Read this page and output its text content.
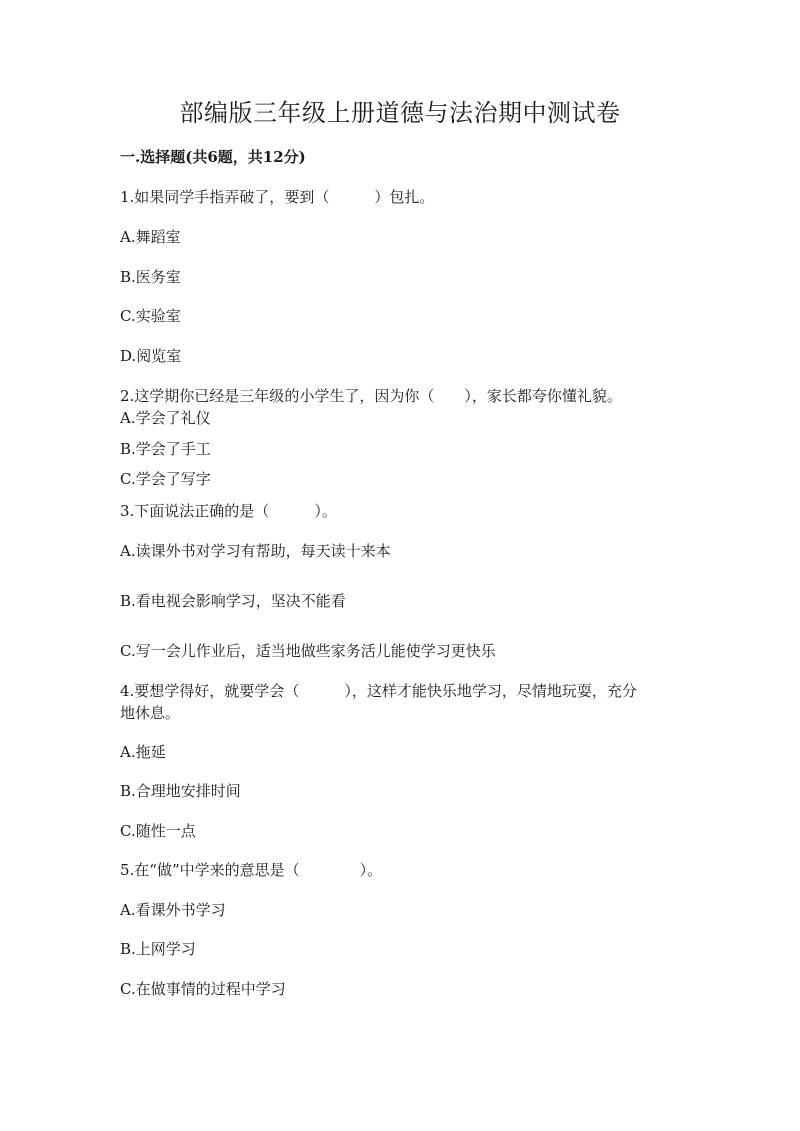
部编版三年级上册道德与法治期中测试卷
一.选择题(共6题，共12分)
1.如果同学手指弄破了，要到（　　　）包扎。
A.舞蹈室
B.医务室
C.实验室
D.阅览室
2.这学期你已经是三年级的小学生了，因为你（　　），家长都夸你懂礼貌。
A.学会了礼仪
B.学会了手工
C.学会了写字
3.下面说法正确的是（　　　）。
A.读课外书对学习有帮助，每天读十来本
B.看电视会影响学习，坚决不能看
C.写一会儿作业后，适当地做些家务活儿能使学习更快乐
4.要想学得好，就要学会（　　　），这样才能快乐地学习，尽情地玩耍，充分
地休息。
A.拖延
B.合理地安排时间
C.随性一点
5.在“做”中学来的意思是（　　　　）。
A.看课外书学习
B.上网学习
C.在做事情的过程中学习
